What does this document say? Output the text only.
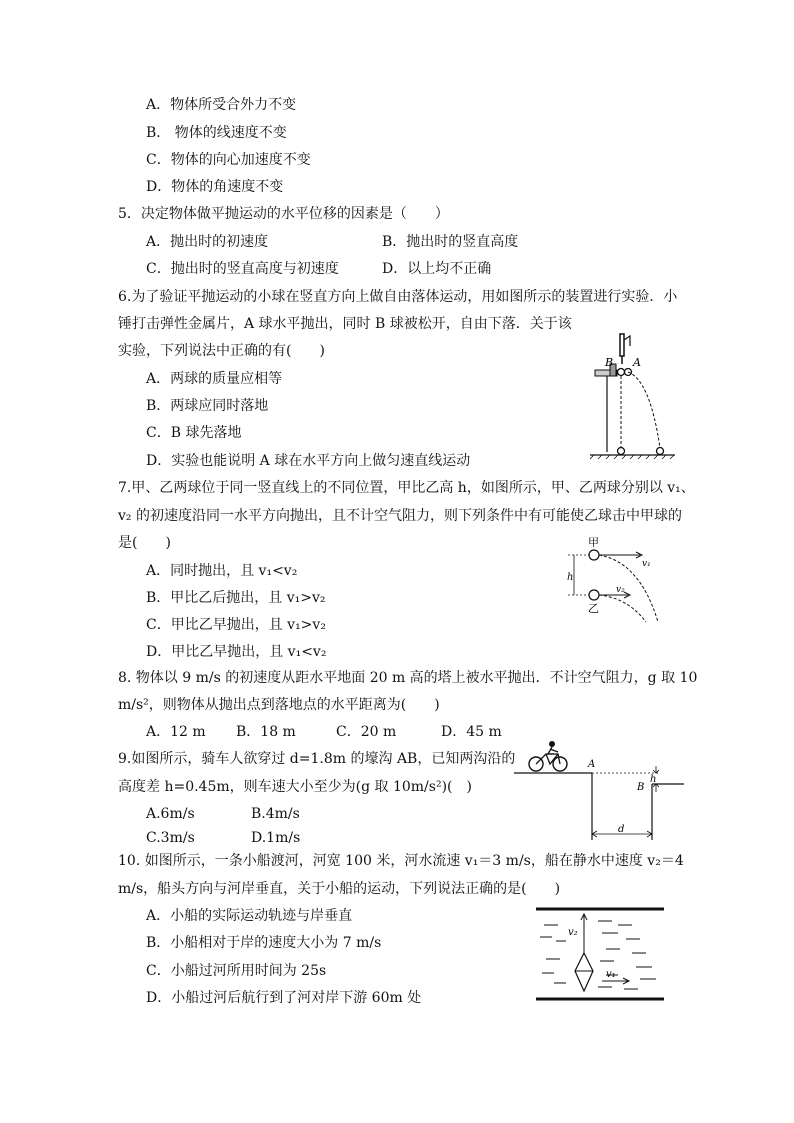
A．物体所受合外力不变
B． 物体的线速度不变
C．物体的向心加速度不变
D．物体的角速度不变
5．决定物体做平抛运动的水平位移的因素是（　　）
A．抛出时的初速度	B．抛出时的竖直高度
C．抛出时的竖直高度与初速度	D．以上均不正确
6.为了验证平抛运动的小球在竖直方向上做自由落体运动，用如图所示的装置进行实验．小
锤打击弹性金属片，A 球水平抛出，同时 B 球被松开，自由下落．关于该
实验，下列说法中正确的有(　　)
A．两球的质量应相等
B．两球应同时落地
C．B 球先落地
D．实验也能说明 A 球在水平方向上做匀速直线运动
B A
7.甲、乙两球位于同一竖直线上的不同位置，甲比乙高 h，如图所示，甲、乙两球分别以 v₁、
v₂ 的初速度沿同一水平方向抛出，且不计空气阻力，则下列条件中有可能使乙球击中甲球的
是(　　)
A．同时抛出，且 v₁<v₂
B．甲比乙后抛出，且 v₁>v₂
C．甲比乙早抛出，且 v₁>v₂
D．甲比乙早抛出，且 v₁<v₂
甲
v₁
h
v₂
乙
8. 物体以 9 m/s 的初速度从距水平地面 20 m 高的塔上被水平抛出．不计空气阻力，g 取 10
m/s²，则物体从抛出点到落地点的水平距离为(　　)
A．12 m B．18 m	C．20 m	D．45 m
9.如图所示，骑车人欲穿过 d=1.8m 的壕沟 AB，已知两沟沿的
高度差 h=0.45m，则车速大小至少为(g 取 10m/s²)(　)
A.6m/s	B.4m/s
C.3m/s	D.1m/s
A
B
h
d
10. 如图所示，一条小船渡河，河宽 100 米，河水流速 v₁＝3 m/s，船在静水中速度 v₂＝4
m/s，船头方向与河岸垂直，关于小船的运动，下列说法正确的是(　　)
A．小船的实际运动轨迹与岸垂直
B．小船相对于岸的速度大小为 7 m/s
C．小船过河所用时间为 25s
D．小船过河后航行到了河对岸下游 60m 处
v₂
v₁
